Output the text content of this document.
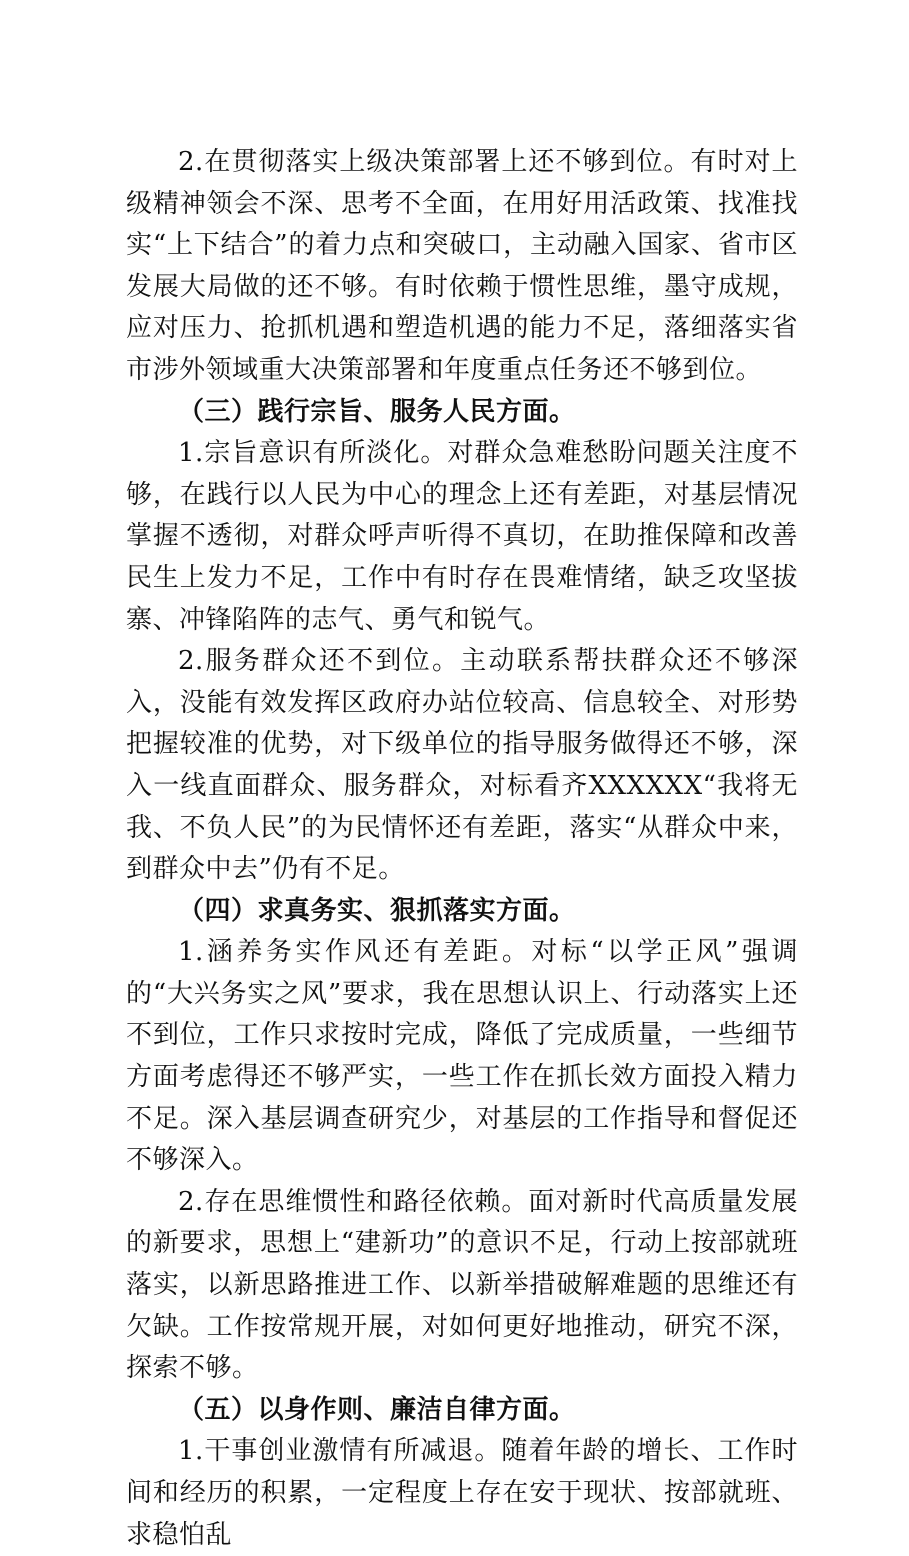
2.在贯彻落实上级决策部署上还不够到位。有时对上级精神领会不深、思考不全面，在用好用活政策、找准找实“上下结合”的着力点和突破口，主动融入国家、省市区发展大局做的还不够。有时依赖于惯性思维，墨守成规，应对压力、抢抓机遇和塑造机遇的能力不足，落细落实省市涉外领域重大决策部署和年度重点任务还不够到位。

（三）践行宗旨、服务人民方面。

1.宗旨意识有所淡化。对群众急难愁盼问题关注度不够，在践行以人民为中心的理念上还有差距，对基层情况掌握不透彻，对群众呼声听得不真切，在助推保障和改善民生上发力不足，工作中有时存在畏难情绪，缺乏攻坚拔寨、冲锋陷阵的志气、勇气和锐气。

2.服务群众还不到位。主动联系帮扶群众还不够深入，没能有效发挥区政府办站位较高、信息较全、对形势把握较准的优势，对下级单位的指导服务做得还不够，深入一线直面群众、服务群众，对标看齐XXXXXX“我将无我、不负人民”的为民情怀还有差距，落实“从群众中来，到群众中去”仍有不足。

（四）求真务实、狠抓落实方面。

1.涵养务实作风还有差距。对标“以学正风”强调的“大兴务实之风”要求，我在思想认识上、行动落实上还不到位，工作只求按时完成，降低了完成质量，一些细节方面考虑得还不够严实，一些工作在抓长效方面投入精力不足。深入基层调查研究少，对基层的工作指导和督促还不够深入。

2.存在思维惯性和路径依赖。面对新时代高质量发展的新要求，思想上“建新功”的意识不足，行动上按部就班落实，以新思路推进工作、以新举措破解难题的思维还有欠缺。工作按常规开展，对如何更好地推动，研究不深，探索不够。

（五）以身作则、廉洁自律方面。

1.干事创业激情有所减退。随着年龄的增长、工作时间和经历的积累，一定程度上存在安于现状、按部就班、求稳怕乱
